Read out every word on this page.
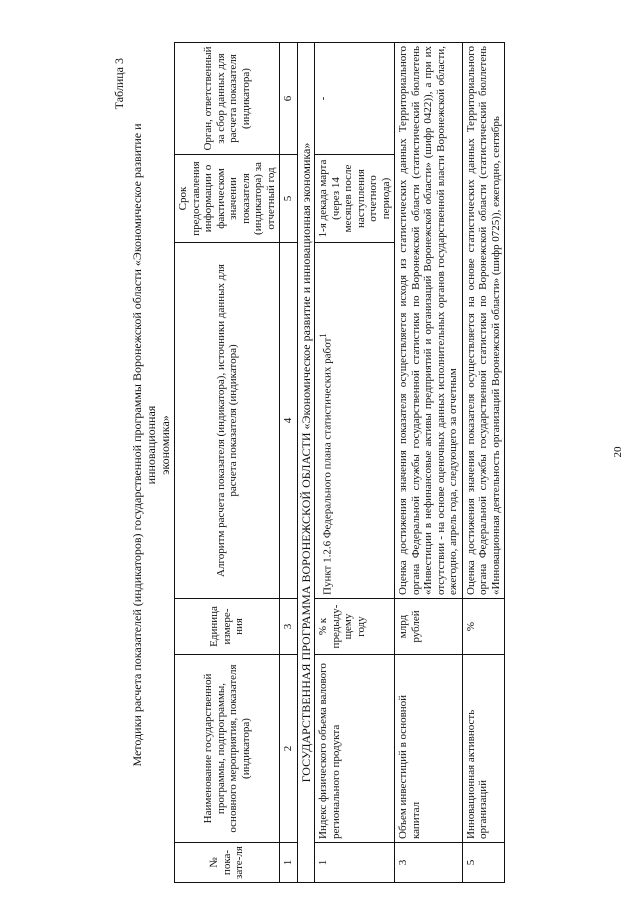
20
Таблица 3
Методики расчета показателей (индикаторов) государственной программы Воронежской области «Экономическое развитие и инновационная экономика»
№ пока-зате-ля	Наименование государственной программы, подпрограммы, основного мероприятия, показателя (индикатора)	Единица измере-ния	Алгоритм расчета показателя (индикатора), источники данных для расчета показателя (индикатора)	Срок предоставления информации о фактическом значении показателя (индикатора) за отчетный год	Орган, ответственный за сбор данных для расчета показателя (индикатора)
1	2	3	4	5	6
ГОСУДАРСТВЕННАЯ ПРОГРАММА ВОРОНЕЖСКОЙ ОБЛАСТИ «Экономическое развитие и инновационная экономика»					
1	Индекс физического объема валового регионального продукта	% к предыду-щему году	Пункт 1.2.6 Федерального плана статистических работ$^1$	1-я декада марта (через 14 месяцев после наступления отчетного периода)	-
3	Объем инвестиций в основной капитал	млрд рублей	Оценка достижения значения показателя осуществляется исходя из статистических данных Территориального органа Федеральной службы государственной статистики по Воронежской области (статистический бюллетень «Инвестиции в нефинансовые активы предприятий и организаций Воронежской области» (шифр 0422)), а при их отсутствии - на основе оценочных данных исполнительных органов государственной власти Воронежской области, ежегодно, апрель года, следующего за отчетным		
5	Инновационная активность организаций	%	Оценка достижения значения показателя осуществляется на основе статистических данных Территориального органа Федеральной службы государственной статистики по Воронежской области (статистический бюллетень «Инновационная деятельность организаций Воронежской области» (шифр 0725)), ежегодно, сентябрь		
